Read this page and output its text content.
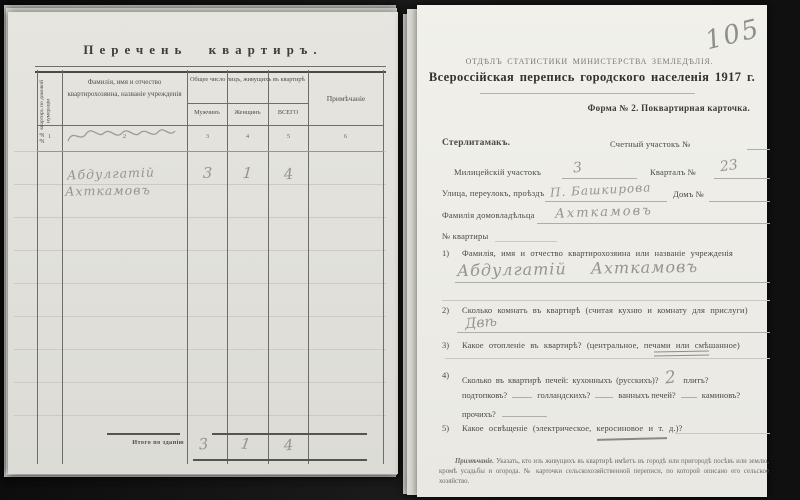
Перечень квартиръ.
№№ квартиръ по домовой нумераціи
Фамилія, имя и отчество квартирохозяина, названіе учрежденія
Общее число лицъ, живущихъ въ квартирѣ
Мужчинъ	Женщинъ	ВСЕГО
Примѣчаніе
1	2	3	4	5	6
Абдулгатій
Ахткамовъ
3 1 4
Итого по зданію 3 1 4
105
ОТДѢЛЪ СТАТИСТИКИ МИНИСТЕРСТВА ЗЕМЛЕДѢЛІЯ.
Всероссійская перепись городского населенія 1917 г.
Форма № 2. Поквартирная карточка.
Стерлитамакъ.	Счетный участокъ №
Милицейскій участокъ 3	Кварталъ № 23
Улица, переулокъ, проѣздъ П. Башкирова	Домъ №
Фамилія домовладѣльца Ахткамовъ
№ квартиры
1) Фамилія, имя и отчество квартирохозяина или названіе учрежденія
Абдулгатій Ахткамовъ
2) Сколько комнатъ въ квартирѣ (считая кухню и комнату для прислуги)
Двѣ
3) Какое отопленіе въ квартирѣ? (центральное, печами или смѣшанное)
4) Сколько въ квартирѣ печей: кухонныхъ (русскихъ)? 2 плитъ?
подтопковъ?	голландскихъ?	ванныхъ печей?	каминовъ?
прочихъ?
5) Какое освѣщеніе (электрическое, керосиновое и т. д.)?
Примѣчаніе. Указать, кто изъ живущихъ въ квартирѣ имѣетъ въ городѣ или пригородѣ посѣвъ или землю, кромѣ усадьбы и огорода. № карточки сельскохозяйственной переписи, по которой описано его сельское хозяйство.
